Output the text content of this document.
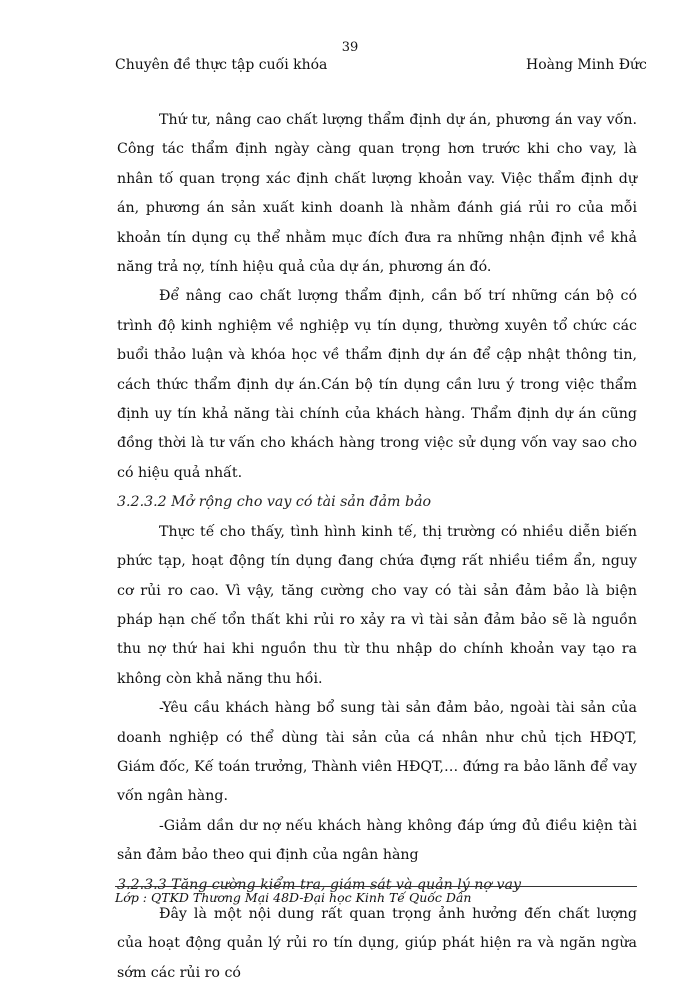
39
Chuyên đề thực tập cuối khóa	Hoàng Minh Đức

Thứ tư, nâng cao chất lượng thẩm định dự án, phương án vay vốn. Công tác thẩm định ngày càng quan trọng hơn trước khi cho vay, là nhân tố quan trọng xác định chất lượng khoản vay. Việc thẩm định dự án, phương án sản xuất kinh doanh là nhằm đánh giá rủi ro của mỗi khoản tín dụng cụ thể nhằm mục đích đưa ra những nhận định về khả năng trả nợ, tính hiệu quả của dự án, phương án đó.

Để nâng cao chất lượng thẩm định, cần bố trí những cán bộ có trình độ kinh nghiệm về nghiệp vụ tín dụng, thường xuyên tổ chức các buổi thảo luận và khóa học về thẩm định dự án để cập nhật thông tin, cách thức thẩm định dự án.Cán bộ tín dụng cần lưu ý trong việc thẩm định uy tín khả năng tài chính của khách hàng. Thẩm định dự án cũng đồng thời là tư vấn cho khách hàng trong việc sử dụng vốn vay sao cho có hiệu quả nhất.

3.2.3.2 Mở rộng cho vay có tài sản đảm bảo

Thực tế cho thấy, tình hình kinh tế, thị trường có nhiều diễn biến phức tạp, hoạt động tín dụng đang chứa đựng rất nhiều tiềm ẩn, nguy cơ rủi ro cao. Vì vậy, tăng cường cho vay có tài sản đảm bảo là biện pháp hạn chế tổn thất khi rủi ro xảy ra vì tài sản đảm bảo sẽ là nguồn thu nợ thứ hai khi nguồn thu từ thu nhập do chính khoản vay tạo ra không còn khả năng thu hồi.

-Yêu cầu khách hàng bổ sung tài sản đảm bảo, ngoài tài sản của doanh nghiệp có thể dùng tài sản của cá nhân như chủ tịch HĐQT, Giám đốc, Kế toán trưởng, Thành viên HĐQT,… đứng ra bảo lãnh để vay vốn ngân hàng.

-Giảm dần dư nợ nếu khách hàng không đáp ứng đủ điều kiện tài sản đảm bảo theo qui định của ngân hàng

3.2.3.3 Tăng cường kiểm tra, giám sát và quản lý nợ vay

Đây là một nội dung rất quan trọng ảnh hưởng đến chất lượng của hoạt động quản lý rủi ro tín dụng, giúp phát hiện ra và ngăn ngừa sớm các rủi ro có

Lớp : QTKD Thương Mại 48D-Đại học Kinh Tế Quốc Dân
